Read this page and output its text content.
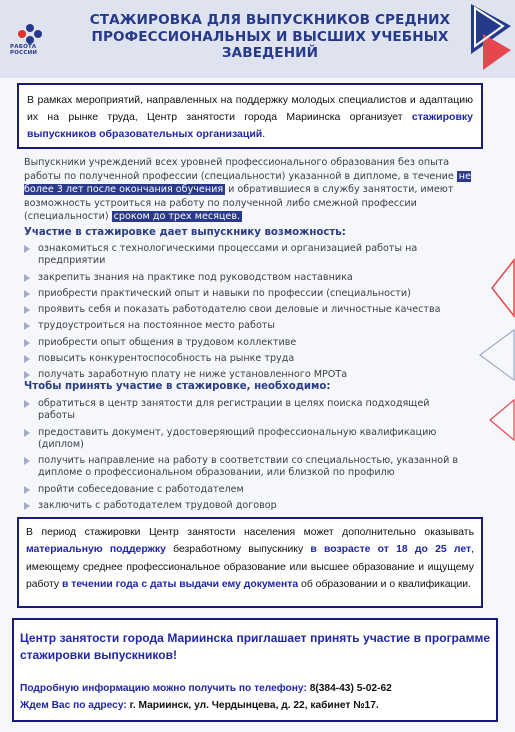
РАБОТА
РОССИИ
СТАЖИРОВКА ДЛЯ ВЫПУСКНИКОВ СРЕДНИХ ПРОФЕССИОНАЛЬНЫХ И ВЫСШИХ УЧЕБНЫХ ЗАВЕДЕНИЙ
В рамках мероприятий, направленных на поддержку молодых специалистов и адаптацию их на рынке труда, Центр занятости города Мариинска организует стажировку выпускников образовательных организаций.
Выпускники учреждений всех уровней профессионального образования без опыта работы по полученной профессии (специальности) указанной в дипломе, в течение не более 3 лет после окончания обучения и обратившиеся в службу занятости, имеют возможность устроиться на работу по полученной либо смежной профессии (специальности) сроком до трех месяцев.
Участие в стажировке дает выпускнику возможность:
ознакомиться с технологическими процессами и организацией работы на предприятии
закрепить знания на практике под руководством наставника
приобрести практический опыт и навыки по профессии (специальности)
проявить себя и показать работодателю свои деловые и личностные качества
трудоустроиться на постоянное место работы
приобрести опыт общения в трудовом коллективе
повысить конкурентоспособность на рынке труда
получать заработную плату не ниже установленного МРОТа
Чтобы принять участие в стажировке, необходимо:
обратиться в центр занятости для регистрации в целях поиска подходящей работы
предоставить документ, удостоверяющий профессиональную квалификацию (диплом)
получить направление на работу в соответствии со специальностью, указанной в дипломе о профессиональном образовании, или близкой по профилю
пройти собеседование с работодателем
заключить с работодателем трудовой договор
В период стажировки Центр занятости населения может дополнительно оказывать материальную поддержку безработному выпускнику в возрасте от 18 до 25 лет, имеющему среднее профессиональное образование или высшее образование и ищущему работу в течении года с даты выдачи ему документа об образовании и о квалификации.
Центр занятости города Мариинска приглашает принять участие в программе стажировки выпускников!
Подробную информацию можно получить по телефону: 8(384-43) 5-02-62
Ждем Вас по адресу: г. Мариинск, ул. Чердынцева, д. 22, кабинет №17.
